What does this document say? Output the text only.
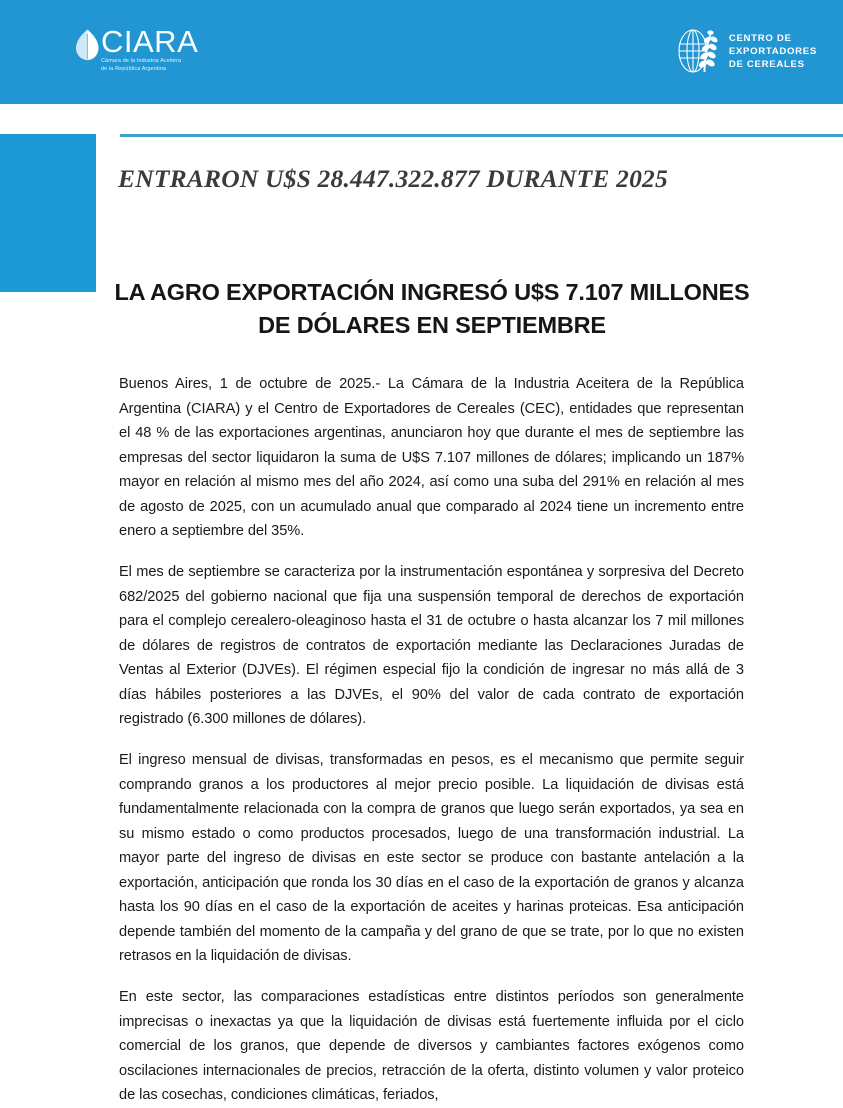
CIARA
Cámara de la Industria Aceitera
de la República Argentina
CENTRO DE
EXPORTADORES
DE CEREALES
ENTRARON U$S 28.447.322.877 DURANTE 2025
LA AGRO EXPORTACIÓN INGRESÓ U$S 7.107 MILLONES
DE DÓLARES EN SEPTIEMBRE

Buenos Aires, 1 de octubre de 2025.- La Cámara de la Industria Aceitera de la República Argentina (CIARA) y el Centro de Exportadores de Cereales (CEC), entidades que representan el 48 % de las exportaciones argentinas, anunciaron hoy que durante el mes de septiembre las empresas del sector liquidaron la suma de U$S 7.107 millones de dólares; implicando un 187% mayor en relación al mismo mes del año 2024, así como una suba del 291% en relación al mes de agosto de 2025, con un acumulado anual que comparado al 2024 tiene un incremento entre enero a septiembre del 35%.

El mes de septiembre se caracteriza por la instrumentación espontánea y sorpresiva del Decreto 682/2025 del gobierno nacional que fija una suspensión temporal de derechos de exportación para el complejo cerealero-oleaginoso hasta el 31 de octubre o hasta alcanzar los 7 mil millones de dólares de registros de contratos de exportación mediante las Declaraciones Juradas de Ventas al Exterior (DJVEs). El régimen especial fijo la condición de ingresar no más allá de 3 días hábiles posteriores a las DJVEs, el 90% del valor de cada contrato de exportación registrado (6.300 millones de dólares).

El ingreso mensual de divisas, transformadas en pesos, es el mecanismo que permite seguir comprando granos a los productores al mejor precio posible. La liquidación de divisas está fundamentalmente relacionada con la compra de granos que luego serán exportados, ya sea en su mismo estado o como productos procesados, luego de una transformación industrial. La mayor parte del ingreso de divisas en este sector se produce con bastante antelación a la exportación, anticipación que ronda los 30 días en el caso de la exportación de granos y alcanza hasta los 90 días en el caso de la exportación de aceites y harinas proteicas. Esa anticipación depende también del momento de la campaña y del grano de que se trate, por lo que no existen retrasos en la liquidación de divisas.

En este sector, las comparaciones estadísticas entre distintos períodos son generalmente imprecisas o inexactas ya que la liquidación de divisas está fuertemente influida por el ciclo comercial de los granos, que depende de diversos y cambiantes factores exógenos como oscilaciones internacionales de precios, retracción de la oferta, distinto volumen y valor proteico de las cosechas, condiciones climáticas, feriados,
